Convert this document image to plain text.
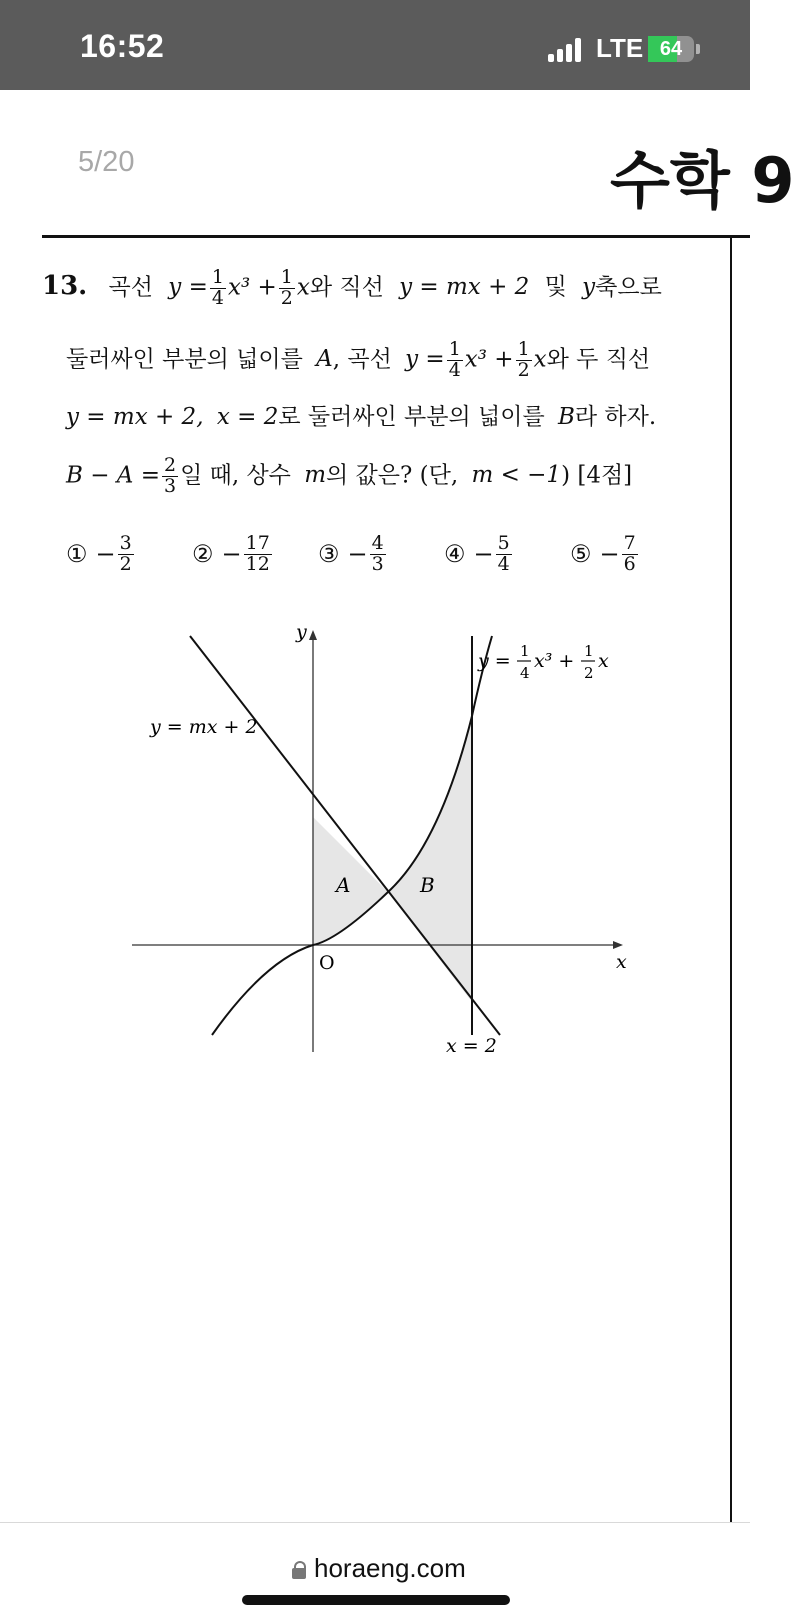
16:52	LTE 64
5/20	수학 9
13. 곡선 $y = \frac{1}{4} x^3 + \frac{1}{2}$ x와 직선 y = mx + 2 및 y축으로
둘러싸인 부분의 넓이를 A, 곡선 $y = \frac{1}{4} x^3 + \frac{1}{2}$ x와 두 직선
y = mx + 2, x = 2로 둘러싸인 부분의 넓이를 B라 하자.
$B - A = \frac{2}{3}$ 일 때, 상수 m의 값은? (단, m < −1) [4점]
① − $\frac{3}{2}$ ② − $\frac{17}{12}$ ③ − $\frac{4}{3}$ ④ − $\frac{5}{4}$ ⑤ − $\frac{7}{6}$
y
x
O
A	B
y = mx + 2
x = 2
y = 1
4
x³ + 1
2
x
horaeng.com
